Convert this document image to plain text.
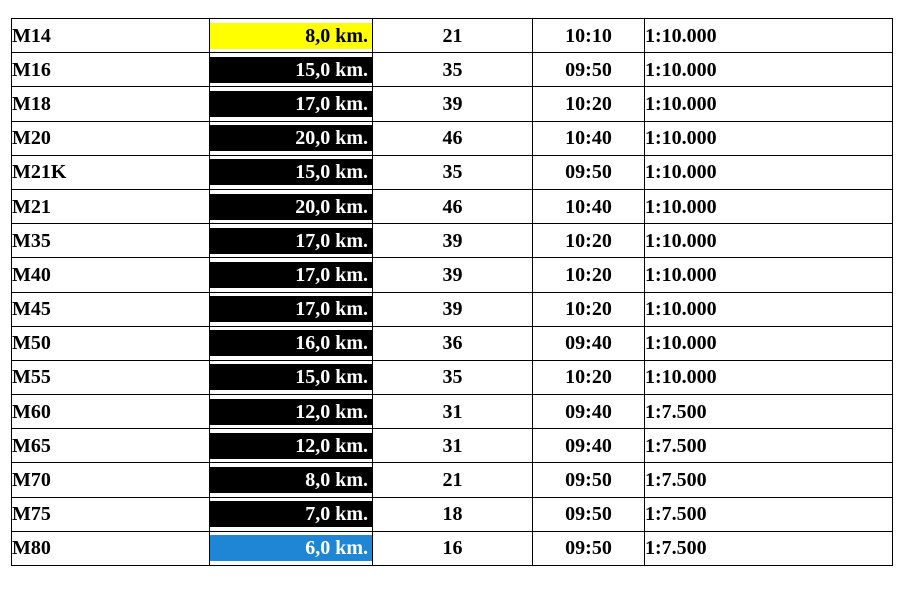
M14	8,0 km.	21	10:10	1:10.000
M16	15,0 km.	35	09:50	1:10.000
M18	17,0 km.	39	10:20	1:10.000
M20	20,0 km.	46	10:40	1:10.000
M21K	15,0 km.	35	09:50	1:10.000
M21	20,0 km.	46	10:40	1:10.000
M35	17,0 km.	39	10:20	1:10.000
M40	17,0 km.	39	10:20	1:10.000
M45	17,0 km.	39	10:20	1:10.000
M50	16,0 km.	36	09:40	1:10.000
M55	15,0 km.	35	10:20	1:10.000
M60	12,0 km.	31	09:40	1:7.500
M65	12,0 km.	31	09:40	1:7.500
M70	8,0 km.	21	09:50	1:7.500
M75	7,0 km.	18	09:50	1:7.500
M80	6,0 km.	16	09:50	1:7.500
